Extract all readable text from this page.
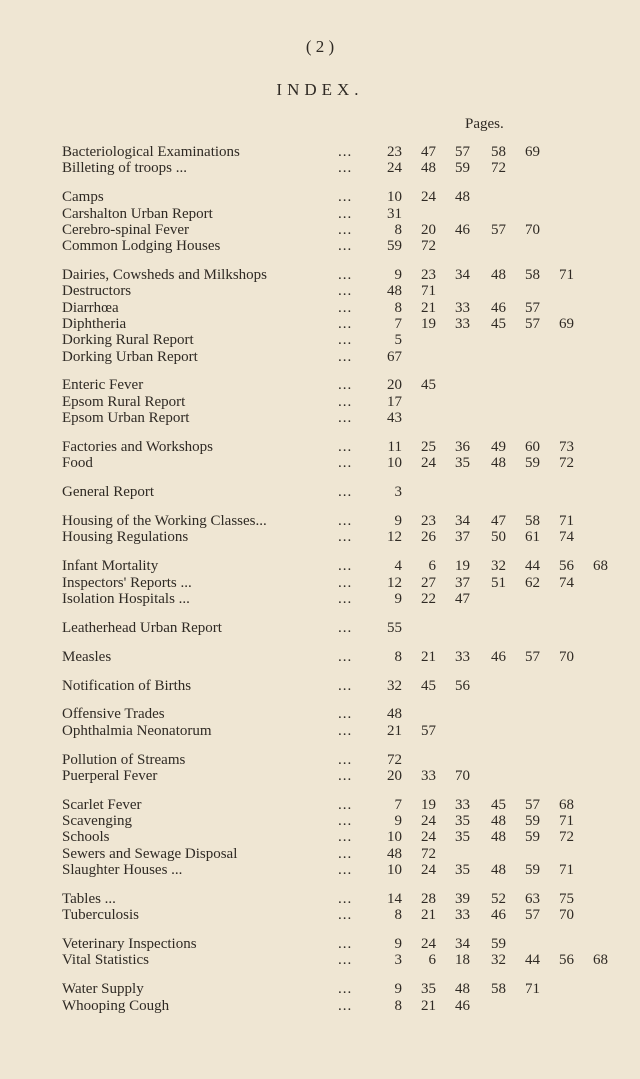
( 2 )
INDEX.
Pages.
Bacteriological Examinations	...	23	47	57	58	69
Billeting of troops ...	...	24	48	59	72
Camps	...	10	24	48
Carshalton Urban Report	...	31
Cerebro-spinal Fever	...	8	20	46	57	70
Common Lodging Houses	...	59	72
Dairies, Cowsheds and Milkshops	...	9	23	34	48	58	71
Destructors	...	48	71
Diarrhœa	...	8	21	33	46	57
Diphtheria	...	7	19	33	45	57	69
Dorking Rural Report	...	5
Dorking Urban Report	...	67
Enteric Fever	...	20	45
Epsom Rural Report	...	17
Epsom Urban Report	...	43
Factories and Workshops	...	11	25	36	49	60	73
Food	...	10	24	35	48	59	72
General Report	...	3
Housing of the Working Classes...	...	9	23	34	47	58	71
Housing Regulations	...	12	26	37	50	61	74
Infant Mortality	...	4	6	19	32	44	56	68
Inspectors' Reports ...	...	12	27	37	51	62	74
Isolation Hospitals ...	...	9	22	47
Leatherhead Urban Report	...	55
Measles	...	8	21	33	46	57	70
Notification of Births	...	32	45	56
Offensive Trades	...	48
Ophthalmia Neonatorum	...	21	57
Pollution of Streams	...	72
Puerperal Fever	...	20	33	70
Scarlet Fever	...	7	19	33	45	57	68
Scavenging	...	9	24	35	48	59	71
Schools	...	10	24	35	48	59	72
Sewers and Sewage Disposal	...	48	72
Slaughter Houses ...	...	10	24	35	48	59	71
Tables ...	...	14	28	39	52	63	75
Tuberculosis	...	8	21	33	46	57	70
Veterinary Inspections	...	9	24	34	59
Vital Statistics	...	3	6	18	32	44	56	68
Water Supply	...	9	35	48	58	71
Whooping Cough	...	8	21	46
